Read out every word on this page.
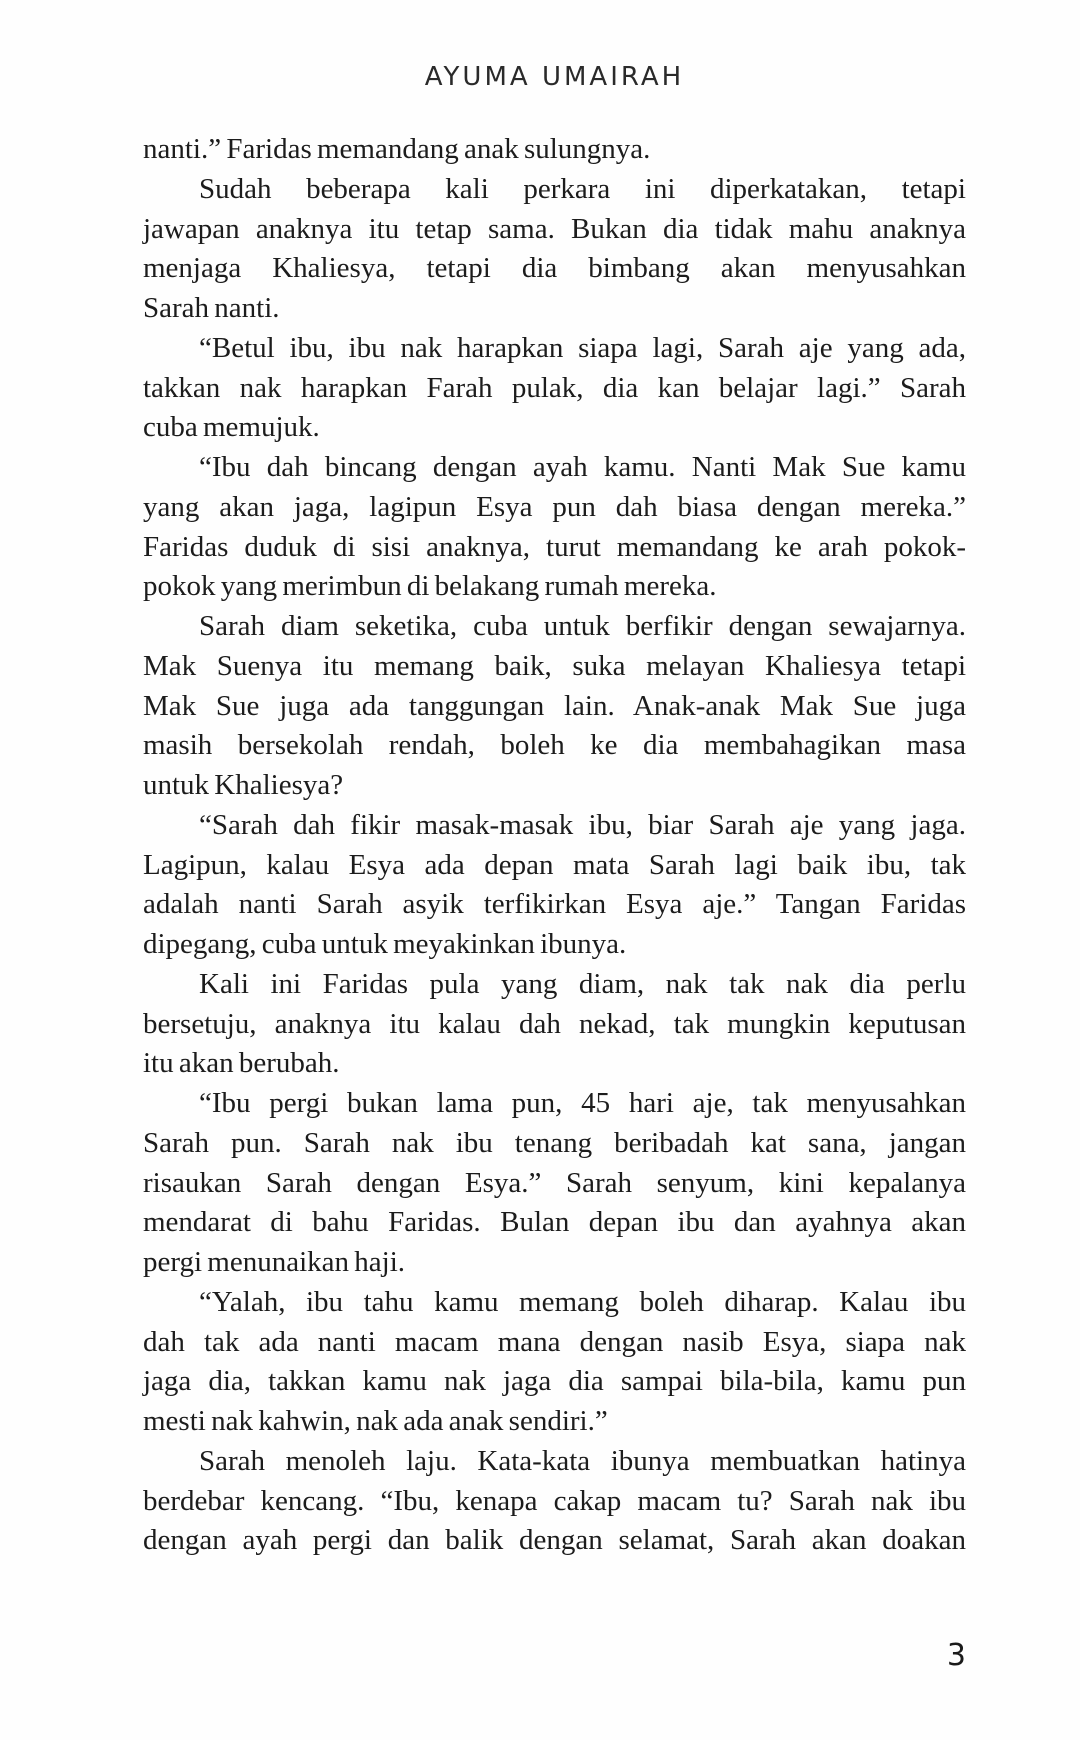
AYUMA UMAIRAH
nanti.” Faridas memandang anak sulungnya.
Sudah beberapa kali perkara ini diperkatakan, tetapi
jawapan anaknya itu tetap sama. Bukan dia tidak mahu anaknya
menjaga Khaliesya, tetapi dia bimbang akan menyusahkan
Sarah nanti.
“Betul ibu, ibu nak harapkan siapa lagi, Sarah aje yang ada,
takkan nak harapkan Farah pulak, dia kan belajar lagi.” Sarah
cuba memujuk.
“Ibu dah bincang dengan ayah kamu. Nanti Mak Sue kamu
yang akan jaga, lagipun Esya pun dah biasa dengan mereka.”
Faridas duduk di sisi anaknya, turut memandang ke arah pokok-
pokok yang merimbun di belakang rumah mereka.
Sarah diam seketika, cuba untuk berfikir dengan sewajarnya.
Mak Suenya itu memang baik, suka melayan Khaliesya tetapi
Mak Sue juga ada tanggungan lain. Anak-anak Mak Sue juga
masih bersekolah rendah, boleh ke dia membahagikan masa
untuk Khaliesya?
“Sarah dah fikir masak-masak ibu, biar Sarah aje yang jaga.
Lagipun, kalau Esya ada depan mata Sarah lagi baik ibu, tak
adalah nanti Sarah asyik terfikirkan Esya aje.” Tangan Faridas
dipegang, cuba untuk meyakinkan ibunya.
Kali ini Faridas pula yang diam, nak tak nak dia perlu
bersetuju, anaknya itu kalau dah nekad, tak mungkin keputusan
itu akan berubah.
“Ibu pergi bukan lama pun, 45 hari aje, tak menyusahkan
Sarah pun. Sarah nak ibu tenang beribadah kat sana, jangan
risaukan Sarah dengan Esya.” Sarah senyum, kini kepalanya
mendarat di bahu Faridas. Bulan depan ibu dan ayahnya akan
pergi menunaikan haji.
“Yalah, ibu tahu kamu memang boleh diharap. Kalau ibu
dah tak ada nanti macam mana dengan nasib Esya, siapa nak
jaga dia, takkan kamu nak jaga dia sampai bila-bila, kamu pun
mesti nak kahwin, nak ada anak sendiri.”
Sarah menoleh laju. Kata-kata ibunya membuatkan hatinya
berdebar kencang. “Ibu, kenapa cakap macam tu? Sarah nak ibu
dengan ayah pergi dan balik dengan selamat, Sarah akan doakan
3
